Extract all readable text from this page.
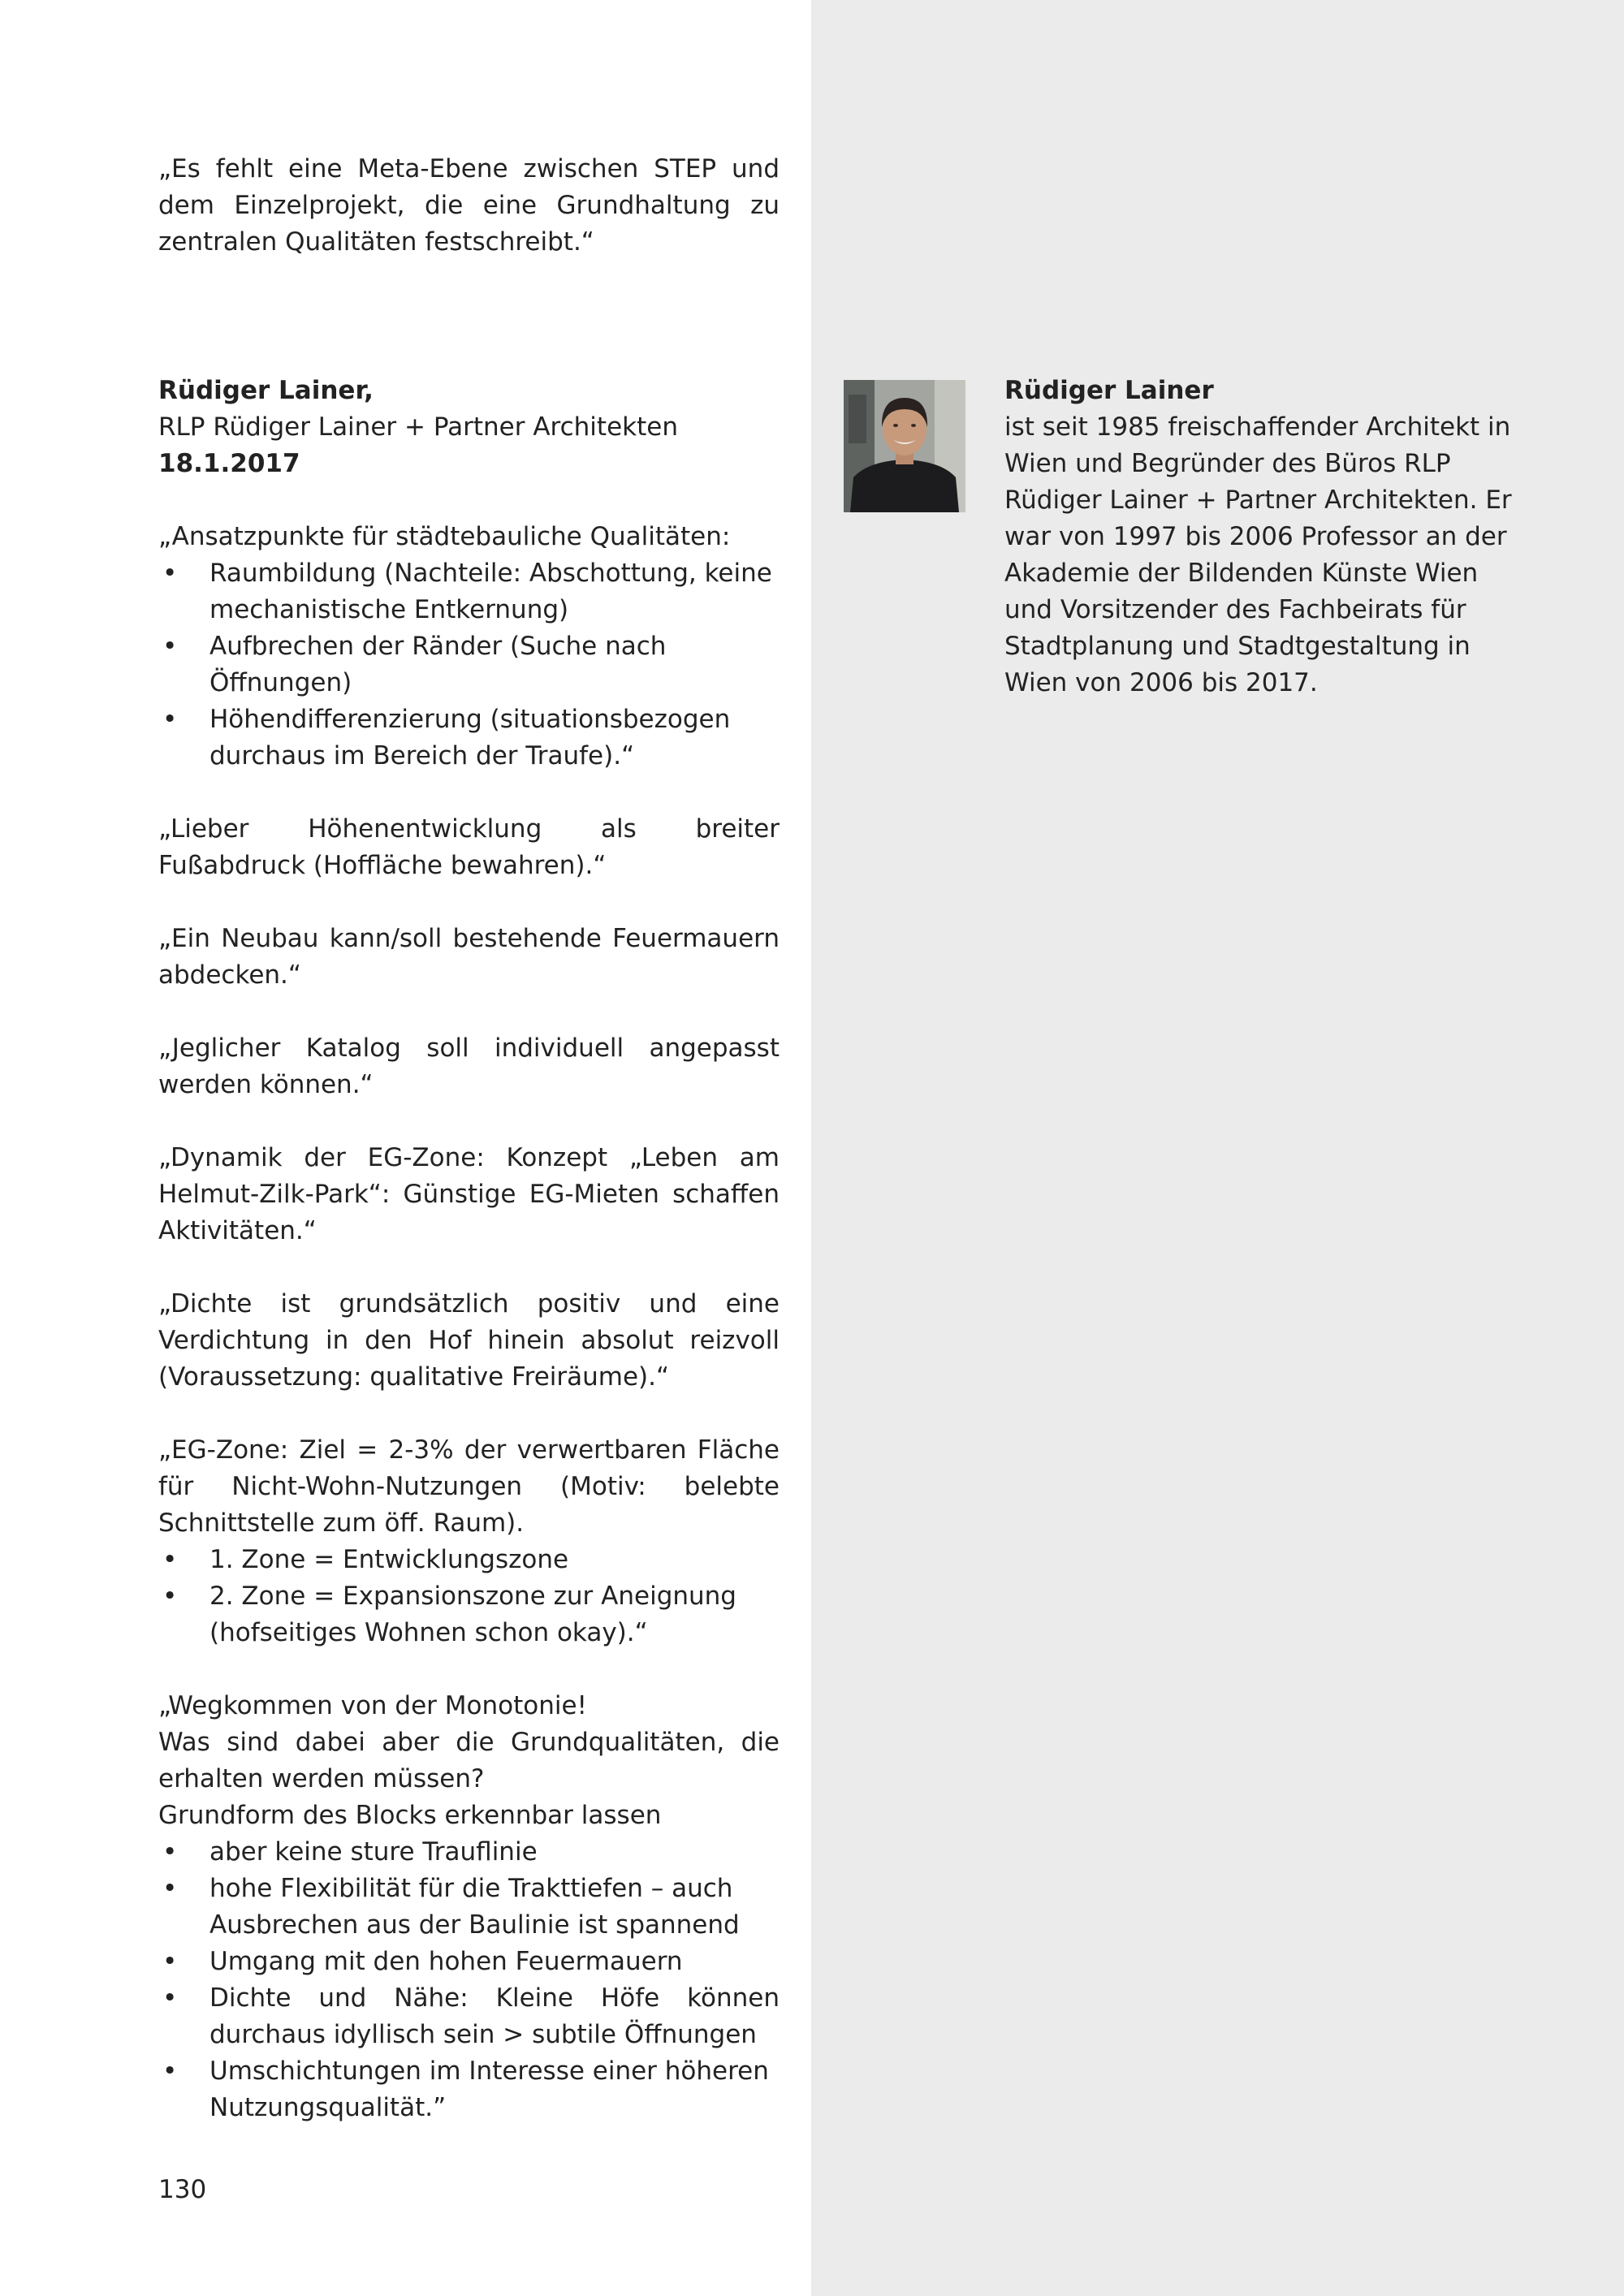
„Es fehlt eine Meta-Ebene zwischen STEP und dem Einzelprojekt, die eine Grundhaltung zu zentralen Qualitäten festschreibt.“

Rüdiger Lainer,

RLP Rüdiger Lainer + Partner Architekten

18.1.2017

„Ansatzpunkte für städtebauliche Qualitäten:

• Raumbildung (Nachteile: Abschottung, keine mechanistische Entkernung)
• Aufbrechen der Ränder (Suche nach Öffnungen)
• Höhendifferenzierung (situationsbezogen durchaus im Bereich der Traufe).“

„Lieber Höhenentwicklung als breiter Fußabdruck (Hoffläche bewahren).“

„Ein Neubau kann/soll bestehende Feuermauern abdecken.“

„Jeglicher Katalog soll individuell angepasst werden können.“

„Dynamik der EG-Zone: Konzept „Leben am Helmut-Zilk-Park“: Günstige EG-Mieten schaffen Aktivitäten.“

„Dichte ist grundsätzlich positiv und eine Verdichtung in den Hof hinein absolut reizvoll (Voraussetzung: qualitative Freiräume).“

„EG-Zone: Ziel = 2-3% der verwertbaren Fläche für Nicht-Wohn-Nutzungen (Motiv: belebte Schnittstelle zum öff. Raum).

• 1. Zone = Entwicklungszone
• 2. Zone = Expansionszone zur Aneignung (hofseitiges Wohnen schon okay).“

„Wegkommen von der Monotonie!

Was sind dabei aber die Grundqualitäten, die erhalten werden müssen?

Grundform des Blocks erkennbar lassen

• aber keine sture Trauflinie
• hohe Flexibilität für die Trakttiefen – auch Ausbrechen aus der Baulinie ist spannend
• Umgang mit den hohen Feuermauern
• Dichte und Nähe: Kleine Höfe können durchaus idyllisch sein > subtile Öffnungen
• Umschichtungen im Interesse einer höheren Nutzungsqualität.”
130

Rüdiger Lainer

ist seit 1985 freischaffender Architekt in Wien und Begründer des Büros RLP Rüdiger Lainer + Partner Architekten. Er war von 1997 bis 2006 Professor an der Akademie der Bildenden Künste Wien und Vorsitzender des Fachbeirats für Stadtplanung und Stadtgestaltung in Wien von 2006 bis 2017.
